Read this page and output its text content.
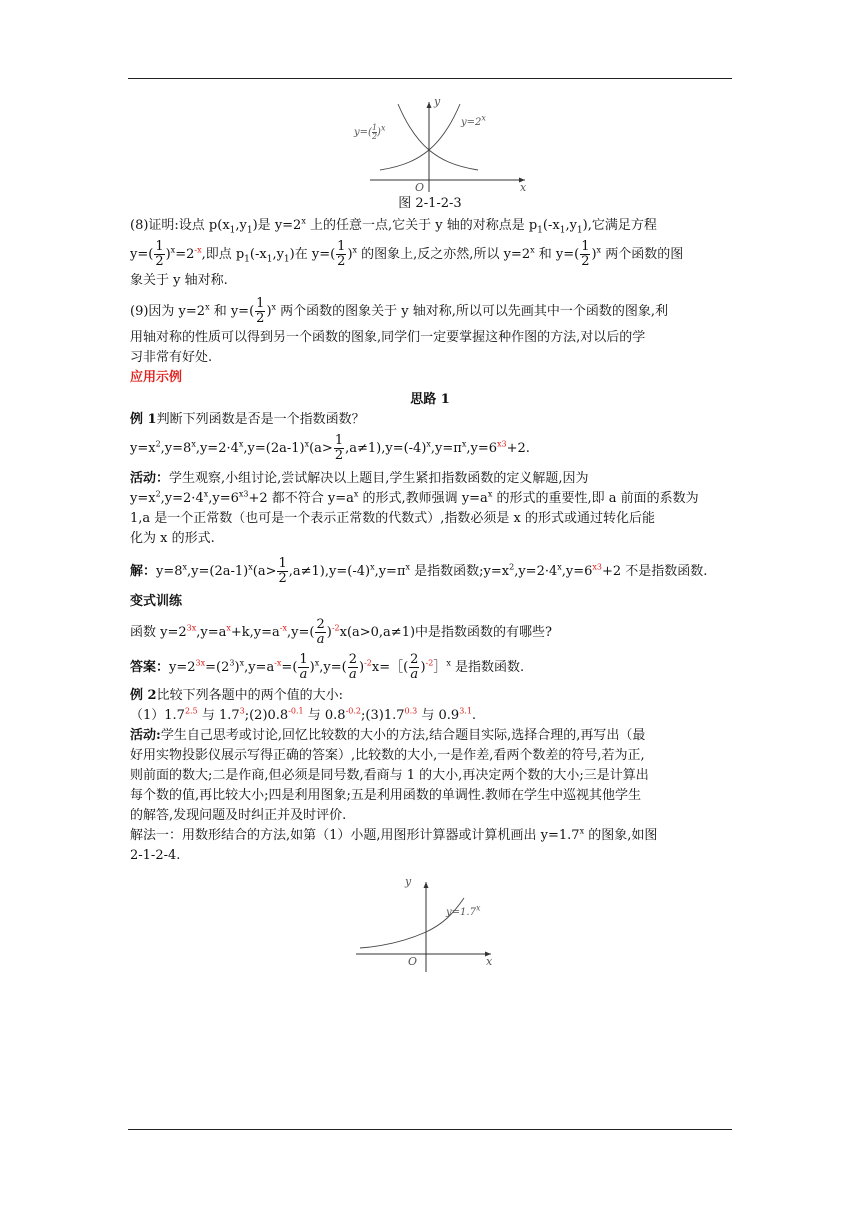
y
x
O
$y=2^x$
$y=( \frac{1}{2} )^x$
图 2-1-2-3

(8)证明:设点 $p(x_1,y_1)$是 $y=2^x$ 上的任意一点,它关于 y 轴的对称点是 $p_1(-x_1,y_1)$,它满足方程

$y=( \frac{1}{2} )^x=2^{-x}$,即点 $p_1(-x_1,y_1)$在 $y=( \frac{1}{2} )^x$ 的图象上,反之亦然,所以 $y=2^x$ 和 $y=( \frac{1}{2} )^x$ 两个函数的图

象关于 y 轴对称.

(9)因为 $y=2^x$ 和 $y=( \frac{1}{2} )^x$ 两个函数的图象关于 y 轴对称,所以可以先画其中一个函数的图象,利

用轴对称的性质可以得到另一个函数的图象,同学们一定要掌握这种作图的方法,对以后的学

习非常有好处.

应用示例

思路 1

例 1判断下列函数是否是一个指数函数？

$y=x^2,y=8^x,y=2\cdot 4^x,y=(2a-1)^x(a> \frac{1}{2} ,a\ne 1),y=(-4)^x,y=\pi^x,y=6^{x3}+2$.

活动：学生观察,小组讨论,尝试解决以上题目,学生紧扣指数函数的定义解题,因为

$y=x^2,y=2\cdot 4^x,y=6^{x3}+2$ 都不符合 $y=a^x$ 的形式,教师强调 $y=a^x$ 的形式的重要性,即 a 前面的系数为

1,a 是一个正常数（也可是一个表示正常数的代数式）,指数必须是 x 的形式或通过转化后能

化为 x 的形式.

解：$y=8^x,y=(2a-1)^x(a> \frac{1}{2} ,a\ne 1),y=(-4)^x,y=\pi^x$ 是指数函数$;y=x^2,y=2\cdot 4^x,y=6^{x3}+2$ 不是指数函数.

变式训练

函数 $y=2^{3x},y=a^x+k,y=a^{-x},y=( \frac{2}{a} )^{-2}x(a>0,a\ne 1)$中是指数函数的有哪些?

答案：$y=2^{3x}=(2^3)^x,y=a^{-x}=( \frac{1}{a} )^x,y=( \frac{2}{a}$ )$^{-2}x=[( \frac{2}{a}$ )$^{-2}$］$^x$ 是指数函数.

例 2比较下列各题中的两个值的大小:

$(1)1.7^{2.5}$ 与 $1.7^3;(2)0.8^{-0.1}$ 与 $0.8^{-0.2};(3)1.7^{0.3}$ 与 $0.9^{3.1}$.

活动:学生自己思考或讨论,回忆比较数的大小的方法,结合题目实际,选择合理的,再写出（最

好用实物投影仪展示写得正确的答案）,比较数的大小,一是作差,看两个数差的符号,若为正,

则前面的数大;二是作商,但必须是同号数,看商与 1 的大小,再决定两个数的大小;三是计算出

每个数的值,再比较大小;四是利用图象;五是利用函数的单调性.教师在学生中巡视其他学生

的解答,发现问题及时纠正并及时评价.

解法一：用数形结合的方法,如第（1）小题,用图形计算器或计算机画出 $y=1.7^x$ 的图象,如图

2-1-2-4.

y
x
O
$y=1.7^x$
